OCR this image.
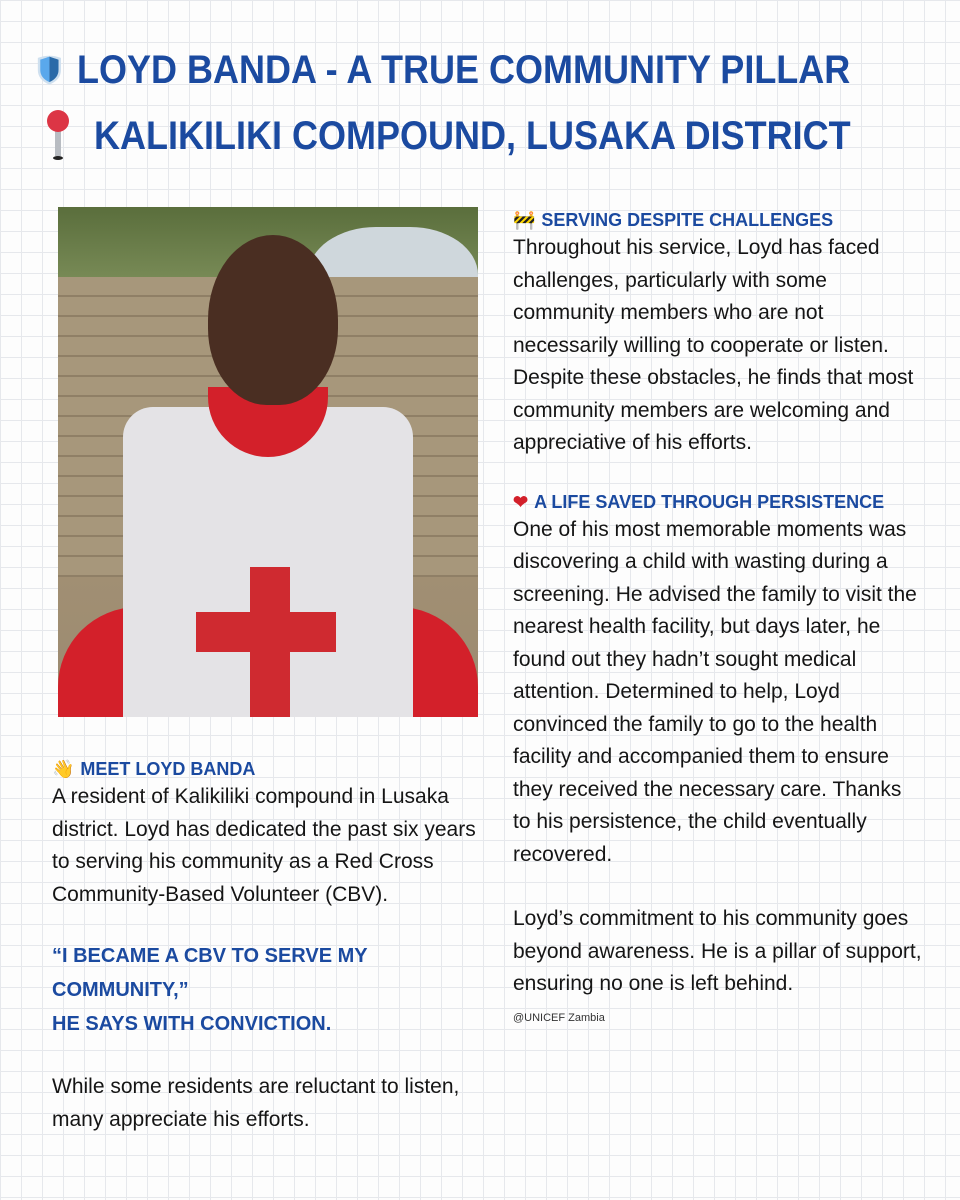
LOYD BANDA - A TRUE COMMUNITY PILLAR
KALIKILIKI COMPOUND, LUSAKA DISTRICT
👋 MEET LOYD BANDA

A resident of Kalikiliki compound in Lusaka district. Loyd has dedicated the past six years to serving his community as a Red Cross Community-Based Volunteer (CBV).

“I BECAME A CBV TO SERVE MY COMMUNITY,”
HE SAYS WITH CONVICTION.

While some residents are reluctant to listen, many appreciate his efforts.

🚧 SERVING DESPITE CHALLENGES

Throughout his service, Loyd has faced challenges, particularly with some community members who are not necessarily willing to cooperate or listen. Despite these obstacles, he finds that most community members are welcoming and appreciative of his efforts.

❤ A LIFE SAVED THROUGH PERSISTENCE

One of his most memorable moments was discovering a child with wasting during a screening. He advised the family to visit the nearest health facility, but days later, he found out they hadn’t sought medical attention. Determined to help, Loyd convinced the family to go to the health facility and accompanied them to ensure they received the necessary care. Thanks to his persistence, the child eventually recovered.

Loyd’s commitment to his community goes beyond awareness. He is a pillar of support, ensuring no one is left behind.

@UNICEF Zambia
